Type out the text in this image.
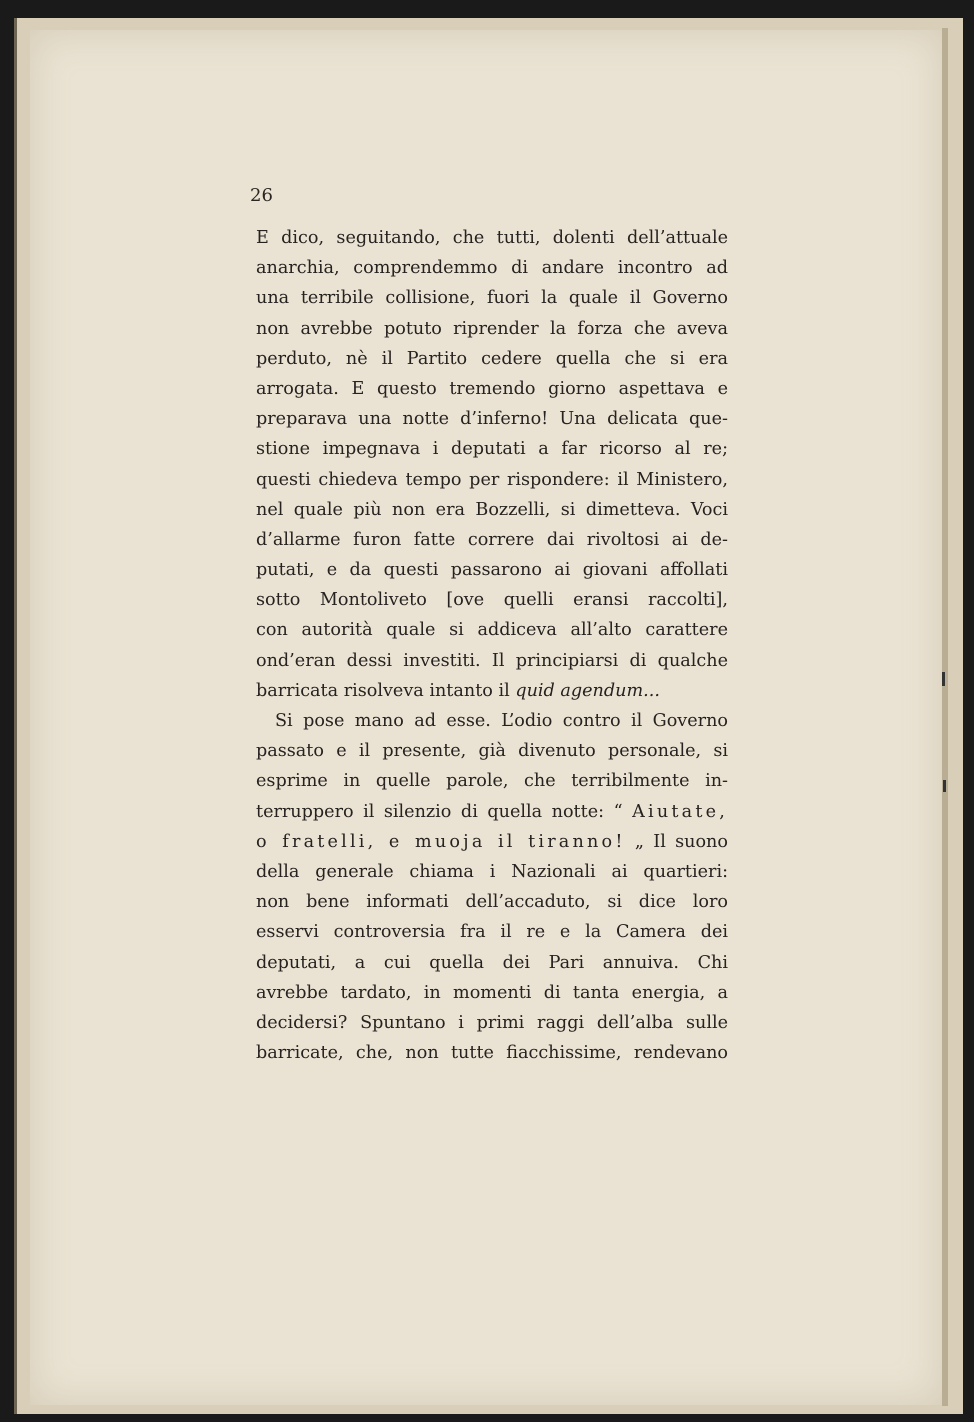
26
E dico, seguitando, che tutti, dolenti dell’attuale
anarchia, comprendemmo di andare incontro ad
una terribile collisione, fuori la quale il Governo
non avrebbe potuto riprender la forza che aveva
perduto, nè il Partito cedere quella che si era
arrogata. E questo tremendo giorno aspettava e
preparava una notte d’inferno! Una delicata que-
stione impegnava i deputati a far ricorso al re;
questi chiedeva tempo per rispondere: il Ministero,
nel quale più non era Bozzelli, si dimetteva. Voci
d’allarme furon fatte correre dai rivoltosi ai de-
putati, e da questi passarono ai giovani affollati
sotto Montoliveto [ove quelli eransi raccolti],
con autorità quale si addiceva all’alto carattere
ond’eran dessi investiti. Il principiarsi di qualche
barricata risolveva intanto il quid agendum...
Si pose mano ad esse. L’odio contro il Governo
passato e il presente, già divenuto personale, si
esprime in quelle parole, che terribilmente in-
terruppero il silenzio di quella notte: “ Aiutate,
o fratelli, e muoja il tiranno! „ Il suono
della generale chiama i Nazionali ai quartieri:
non bene informati dell’accaduto, si dice loro
esservi controversia fra il re e la Camera dei
deputati, a cui quella dei Pari annuiva. Chi
avrebbe tardato, in momenti di tanta energia, a
decidersi? Spuntano i primi raggi dell’alba sulle
barricate, che, non tutte fiacchissime, rendevano
